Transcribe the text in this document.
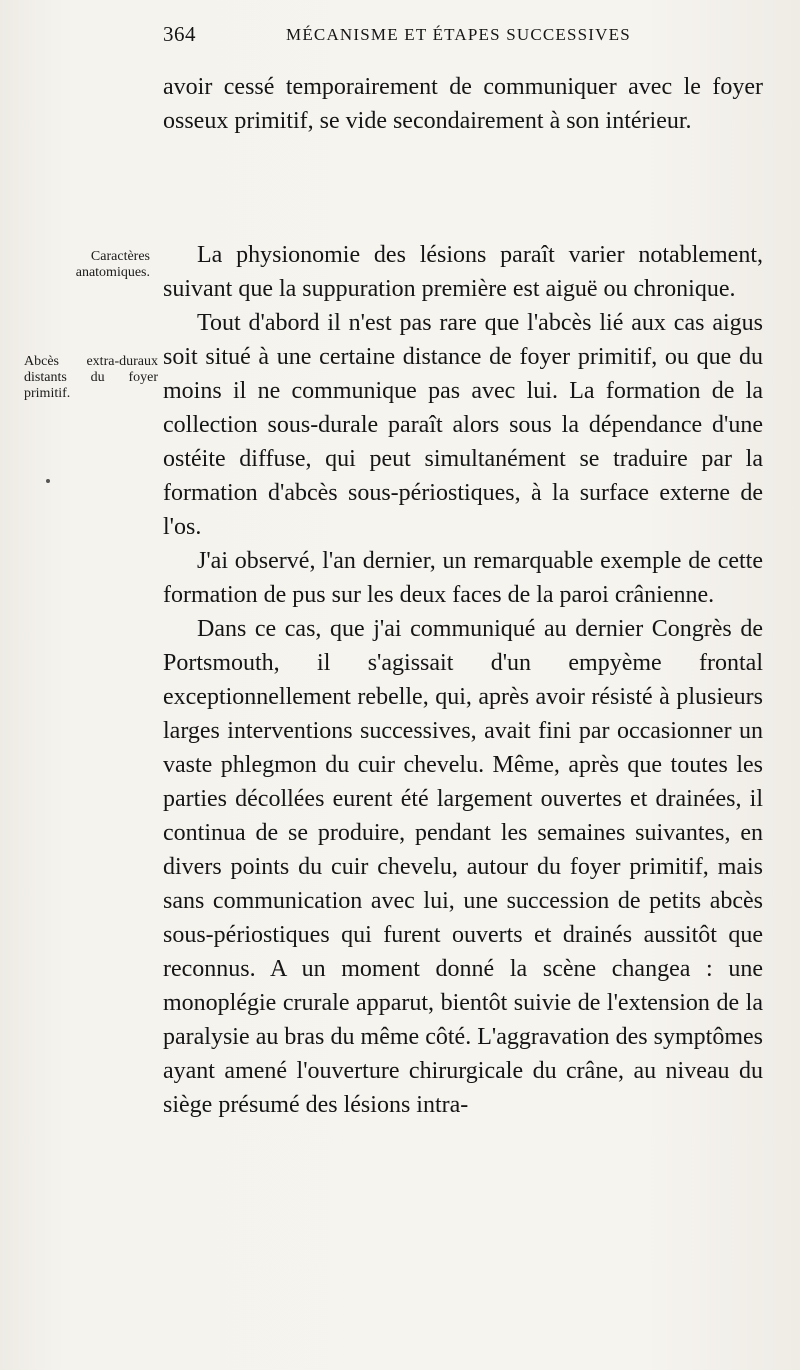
364	MÉCANISME ET ÉTAPES SUCCESSIVES
Caractères anatomiques.
Abcès extra-duraux distants du foyer primitif.

avoir cessé temporairement de communiquer avec le foyer osseux primitif, se vide secondairement à son intérieur.

La physionomie des lésions paraît varier notablement, suivant que la suppuration première est aiguë ou chronique.

Tout d'abord il n'est pas rare que l'abcès lié aux cas aigus soit situé à une certaine distance de foyer primitif, ou que du moins il ne communique pas avec lui. La formation de la collection sous-durale paraît alors sous la dépendance d'une ostéite diffuse, qui peut simultanément se traduire par la formation d'abcès sous-périostiques, à la surface externe de l'os.

J'ai observé, l'an dernier, un remarquable exemple de cette formation de pus sur les deux faces de la paroi crânienne.

Dans ce cas, que j'ai communiqué au dernier Congrès de Portsmouth, il s'agissait d'un empyème frontal exceptionnellement rebelle, qui, après avoir résisté à plusieurs larges interventions successives, avait fini par occasionner un vaste phlegmon du cuir chevelu. Même, après que toutes les parties décollées eurent été largement ouvertes et drainées, il continua de se produire, pendant les semaines suivantes, en divers points du cuir chevelu, autour du foyer primitif, mais sans communication avec lui, une succession de petits abcès sous-périostiques qui furent ouverts et drainés aussitôt que reconnus. A un moment donné la scène changea : une monoplégie crurale apparut, bientôt suivie de l'extension de la paralysie au bras du même côté. L'aggravation des symptômes ayant amené l'ouverture chirurgicale du crâne, au niveau du siège présumé des lésions intra-
